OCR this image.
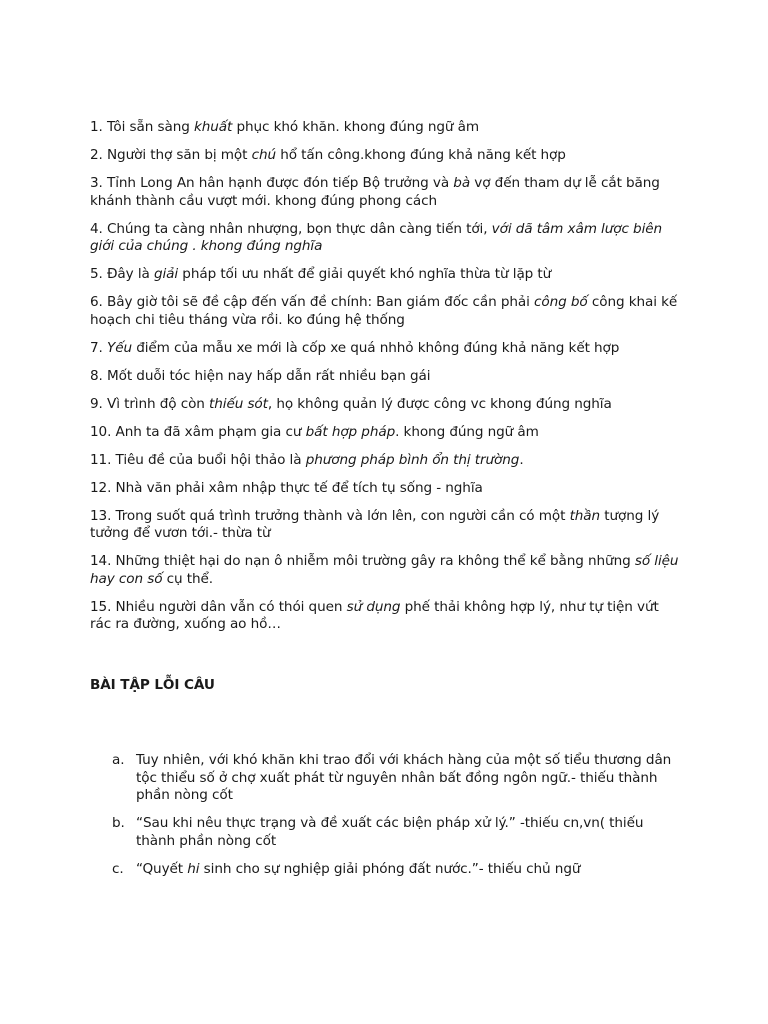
1. Tôi sẵn sàng khuất phục khó khăn. khong đúng ngữ âm
2. Người thợ săn bị một chú hổ tấn công.khong đúng khả năng kết hợp
3. Tỉnh Long An hân hạnh được đón tiếp Bộ trưởng và bà vợ đến tham dự lễ cắt băng khánh thành cầu vượt mới. khong đúng phong cách
4. Chúng ta càng nhân nhượng, bọn thực dân càng tiến tới, với dã tâm xâm lược biên giới của chúng . khong đúng nghĩa
5. Đây là giải pháp tối ưu nhất để giải quyết khó nghĩa thừa từ lặp từ
6. Bây giờ tôi sẽ đề cập đến vấn đề chính: Ban giám đốc cần phải công bố công khai kế hoạch chi tiêu tháng vừa rồi. ko đúng hệ thống
7. Yếu điểm của mẫu xe mới là cốp xe quá nhhỏ không đúng khả năng kết hợp
8. Mốt duỗi tóc hiện nay hấp dẫn rất nhiều bạn gái
9. Vì trình độ còn thiếu sót, họ không quản lý được công vc khong đúng nghĩa
10. Anh ta đã xâm phạm gia cư bất hợp pháp. khong đúng ngữ âm
11. Tiêu đề của buổi hội thảo là phương pháp bình ổn thị trường.
12. Nhà văn phải xâm nhập thực tế để tích tụ sống - nghĩa
13. Trong suốt quá trình trưởng thành và lớn lên, con người cần có một thần tượng lý tưởng để vươn tới.- thừa từ
14. Những thiệt hại do nạn ô nhiễm môi trường gây ra không thể kể bằng những số liệu hay con số cụ thể.
15. Nhiều người dân vẫn có thói quen sử dụng phế thải không hợp lý, như tự tiện vứt rác ra đường, xuống ao hồ…
BÀI TẬP LỖI CÂU
a. Tuy nhiên, với khó khăn khi trao đổi với khách hàng của một số tiểu thương dân tộc thiểu số ở chợ xuất phát từ nguyên nhân bất đồng ngôn ngữ.- thiếu thành phần nòng cốt
b. “Sau khi nêu thực trạng và đề xuất các biện pháp xử lý.” -thiếu cn,vn( thiếu thành phần nòng cốt
c. “Quyết hi sinh cho sự nghiệp giải phóng đất nước.”- thiếu chủ ngữ
